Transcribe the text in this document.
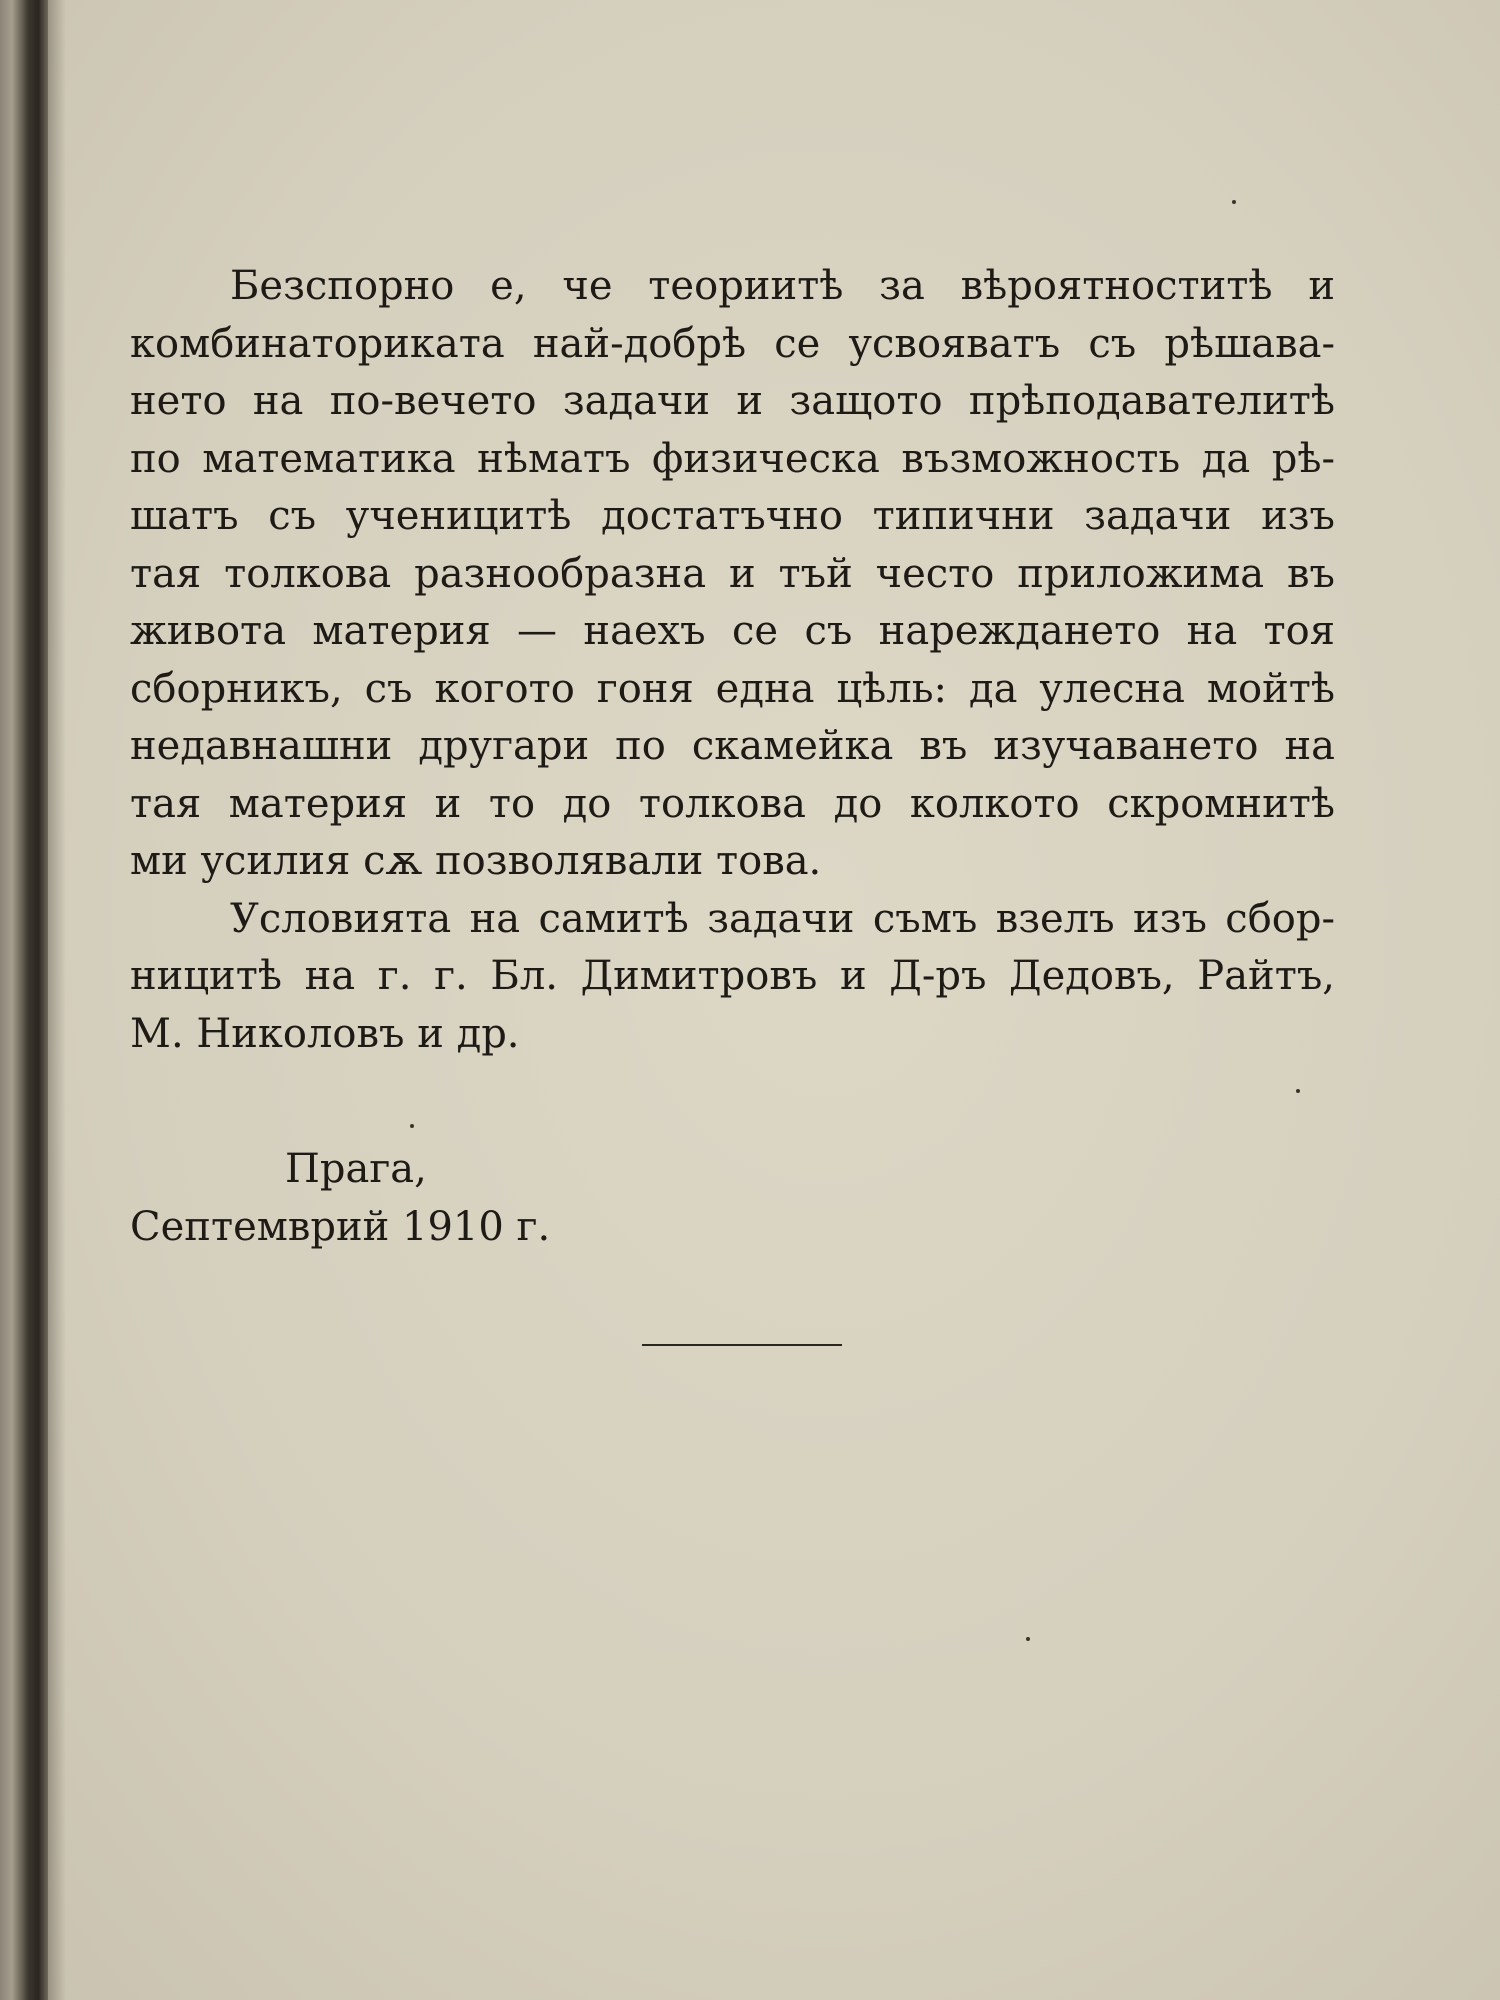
Безспорно е, че теориитѣ за вѣроятноститѣ и
комбинаториката най-добрѣ се усвояватъ съ рѣшава-
нето на по-вечето задачи и защото прѣподавателитѣ
по математика нѣматъ физическа възможность да рѣ-
шатъ съ ученицитѣ достатъчно типични задачи изъ
тая толкова разнообразна и тъй често приложима въ
живота материя — наехъ се съ нареждането на тоя
сборникъ, съ когото гоня една цѣль: да улесна мойтѣ
недавнашни другари по скамейка въ изучаването на
тая материя и то до толкова до колкото скромнитѣ
ми усилия сѫ позволявали това.
Условията на самитѣ задачи съмъ взелъ изъ сбор-
ницитѣ на г. г. Бл. Димитровъ и Д-ръ Дедовъ, Райтъ,
М. Николовъ и др.
Прага,
Септемврий 1910 г.
